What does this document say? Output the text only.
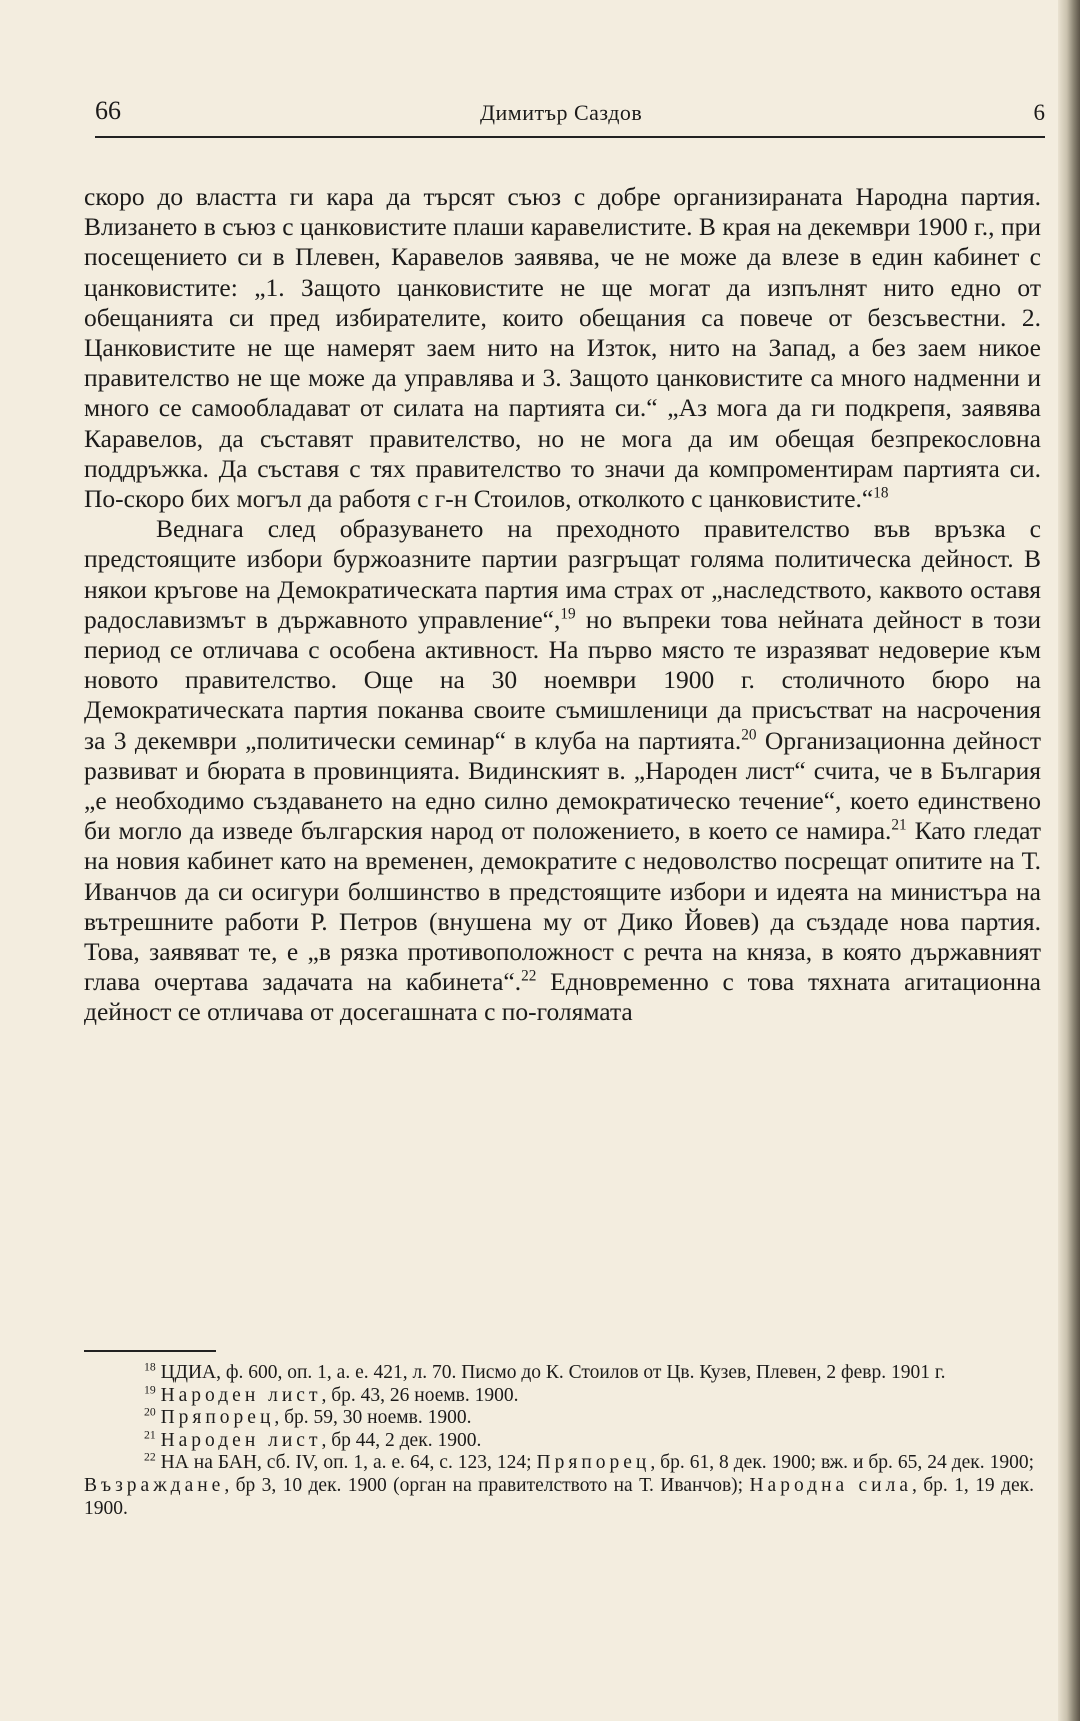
66	Димитър Саздов	6

скоро до властта ги кара да търсят съюз с добре организираната Народна партия. Влизането в съюз с цанковистите плаши каравелистите. В края на декември 1900 г., при посещението си в Плевен, Каравелов заявява, че не може да влезе в един кабинет с цанковистите: „1. Защото цанковистите не ще могат да изпълнят нито едно от обещанията си пред избирателите, които обещания са повече от безсъвестни. 2. Цанковистите не ще намерят заем нито на Изток, нито на Запад, а без заем никое правителство не ще може да управлява и 3. Защото цанковистите са много надменни и много се самообладават от силата на партията си.“ „Аз мога да ги подкрепя, заявява Каравелов, да съставят правителство, но не мога да им обещая безпрекословна поддръжка. Да съставя с тях правителство то значи да компроментирам партията си. По-скоро бих могъл да работя с г-н Стоилов, отколкото с цанковистите.“$^{18}$

Веднага след образуването на преходното правителство във връзка с предстоящите избори буржоазните партии разгръщат голяма политическа дейност. В някои кръгове на Демократическата партия има страх от „наследството, каквото оставя радославизмът в държавното управление“,$^{19}$ но въпреки това нейната дейност в този период се отличава с особена активност. На първо място те изразяват недоверие към новото правителство. Още на 30 ноември 1900 г. столичното бюро на Демократическата партия поканва своите съмишленици да присъстват на насрочения за 3 декември „политически семинар“ в клуба на партията.$^{20}$ Организационна дейност развиват и бюрата в провинцията. Видинският в. „Народен лист“ счита, че в България „е необходимо създаването на едно силно демократическо течение“, което единствено би могло да изведе българския народ от положението, в което се намира.$^{21}$ Като гледат на новия кабинет като на временен, демократите с недоволство посрещат опитите на Т. Иванчов да си осигури болшинство в предстоящите избори и идеята на министъра на вътрешните работи Р. Петров (внушена му от Дико Йовев) да създаде нова партия. Това, заявяват те, е „в рязка противоположност с речта на княза, в която държавният глава очертава задачата на кабинета“.$^{22}$ Едновременно с това тяхната агитационна дейност се отличава от досегашната с по-голямата

$^{18}$ ЦДИА, ф. 600, оп. 1, а. е. 421, л. 70. Писмо до К. Стоилов от Цв. Кузев, Плевен, 2 февр. 1901 г.

$^{19}$ Народен лист, бр. 43, 26 ноемв. 1900.

$^{20}$ Пряпорец, бр. 59, 30 ноемв. 1900.

$^{21}$ Народен лист, бр 44, 2 дек. 1900.

$^{22}$ НА на БАН, сб. IV, оп. 1, а. е. 64, с. 123, 124; Пряпорец, бр. 61, 8 дек. 1900; вж. и бр. 65, 24 дек. 1900; Възраждане, бр 3, 10 дек. 1900 (орган на правителството на Т. Иванчов); Народна сила, бр. 1, 19 дек. 1900.
